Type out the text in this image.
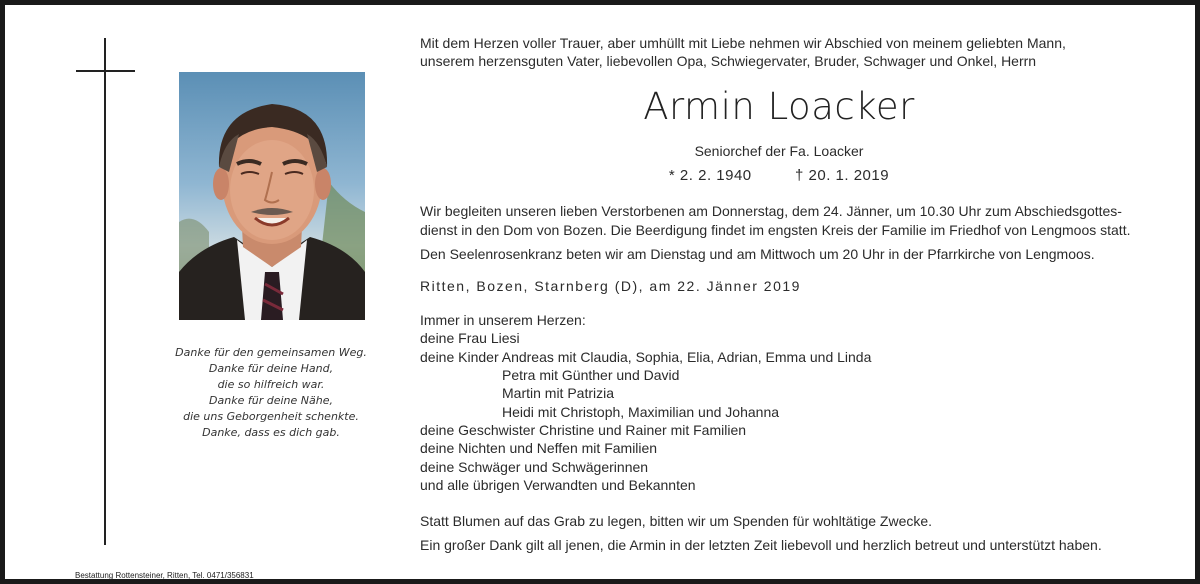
Danke für den gemeinsamen Weg.
Danke für deine Hand,
die so hilfreich war.
Danke für deine Nähe,
die uns Geborgenheit schenkte.
Danke, dass es dich gab.
Bestattung Rottensteiner, Ritten, Tel. 0471/356831
Mit dem Herzen voller Trauer, aber umhüllt mit Liebe nehmen wir Abschied von meinem geliebten Mann,
unserem herzensguten Vater, liebevollen Opa, Schwiegervater, Bruder, Schwager und Onkel, Herrn
Armin Loacker
Seniorchef der Fa. Loacker
* 2. 2. 1940	† 20. 1. 2019
Wir begleiten unseren lieben Verstorbenen am Donnerstag, dem 24. Jänner, um 10.30 Uhr zum Abschiedsgottes-
dienst in den Dom von Bozen. Die Beerdigung findet im engsten Kreis der Familie im Friedhof von Lengmoos statt.
Den Seelenrosenkranz beten wir am Dienstag und am Mittwoch um 20 Uhr in der Pfarrkirche von Lengmoos.
Ritten, Bozen, Starnberg (D), am 22. Jänner 2019
Immer in unserem Herzen:
deine Frau Liesi
deine Kinder Andreas mit Claudia, Sophia, Elia, Adrian, Emma und Linda
Petra mit Günther und David
Martin mit Patrizia
Heidi mit Christoph, Maximilian und Johanna
deine Geschwister Christine und Rainer mit Familien
deine Nichten und Neffen mit Familien
deine Schwäger und Schwägerinnen
und alle übrigen Verwandten und Bekannten
Statt Blumen auf das Grab zu legen, bitten wir um Spenden für wohltätige Zwecke.
Ein großer Dank gilt all jenen, die Armin in der letzten Zeit liebevoll und herzlich betreut und unterstützt haben.
